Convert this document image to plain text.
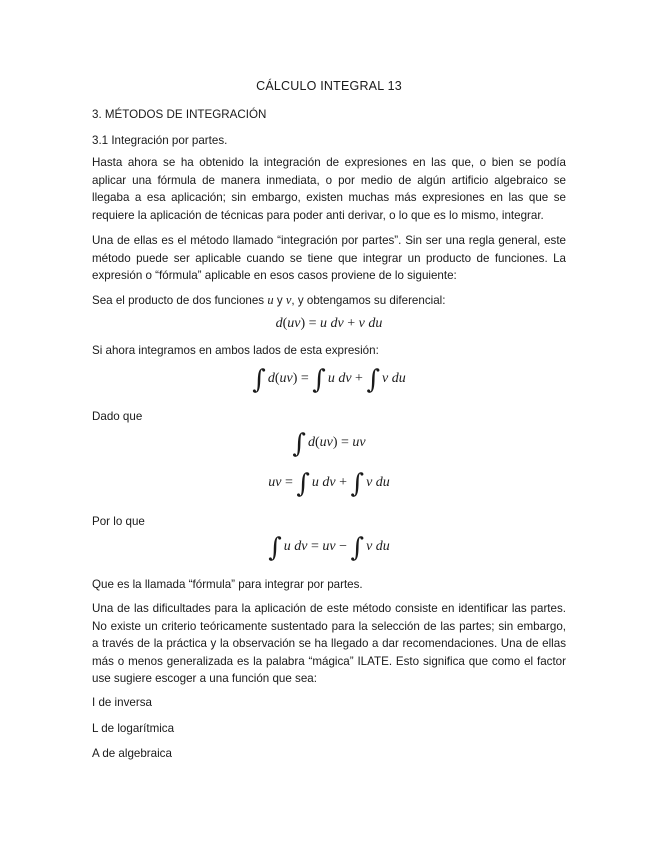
CÁLCULO INTEGRAL 13
3. MÉTODOS DE INTEGRACIÓN
3.1 Integración por partes.
Hasta ahora se ha obtenido la integración de expresiones en las que, o bien se podía aplicar una fórmula de manera inmediata, o por medio de algún artificio algebraico se llegaba a esa aplicación; sin embargo, existen muchas más expresiones en las que se requiere la aplicación de técnicas para poder anti derivar, o lo que es lo mismo, integrar.
Una de ellas es el método llamado “integración por partes”. Sin ser una regla general, este método puede ser aplicable cuando se tiene que integrar un producto de funciones. La expresión o “fórmula” aplicable en esos casos proviene de lo siguiente:
Sea el producto de dos funciones u y v, y obtengamos su diferencial:
d(uv) = u dv + v du
Si ahora integramos en ambos lados de esta expresión:
∫ d(uv) = ∫ u dv + ∫ v du
Dado que
∫ d(uv) = uv
uv = ∫ u dv + ∫ v du
Por lo que
∫ u dv = uv − ∫ v du
Que es la llamada “fórmula” para integrar por partes.
Una de las dificultades para la aplicación de este método consiste en identificar las partes. No existe un criterio teóricamente sustentado para la selección de las partes; sin embargo, a través de la práctica y la observación se ha llegado a dar recomendaciones. Una de ellas más o menos generalizada es la palabra “mágica” ILATE. Esto significa que como el factor use sugiere escoger a una función que sea:
I de inversa
L de logarítmica
A de algebraica
